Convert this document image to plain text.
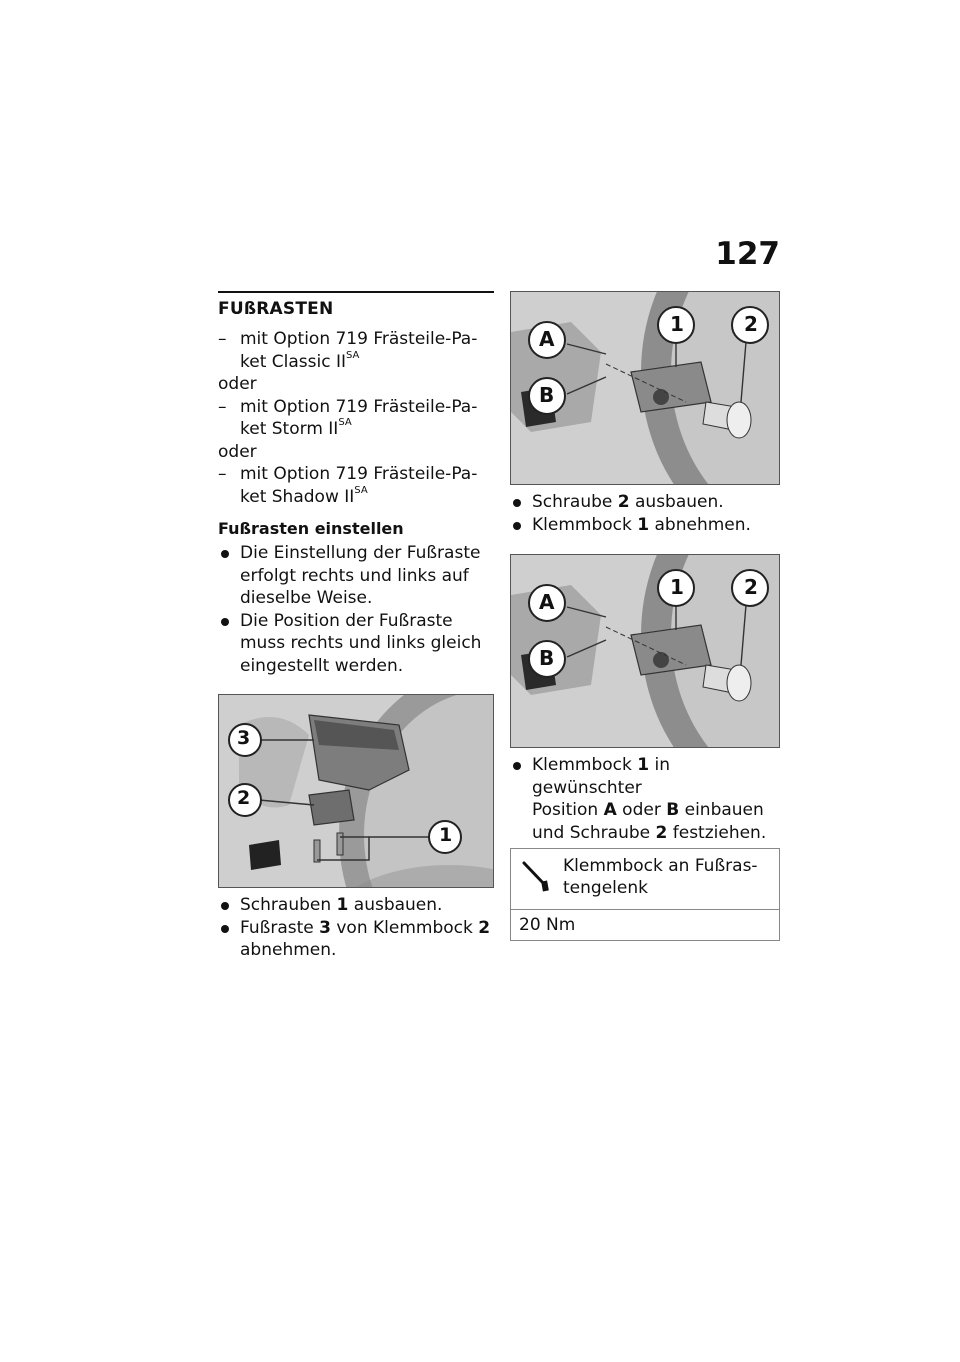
127
FUßRASTEN
– mit Option 719 Frästeile-Pa-
ket Classic $II^{SA}$
oder
– mit Option 719 Frästeile-Pa-
ket Storm $II^{SA}$
oder
– mit Option 719 Frästeile-Pa-
ket Shadow $II^{SA}$
Fußrasten einstellen
Die Einstellung der Fußraste
erfolgt rechts und links auf
dieselbe Weise.
Die Position der Fußraste
muss rechts und links gleich
eingestellt werden.
3
2
1
Schrauben 1 ausbauen.
Fußraste 3 von Klemmbock 2
abnehmen.
A
B
1	2
Schraube 2 ausbauen.
Klemmbock 1 abnehmen.
A
B
1	2
Klemmbock 1 in gewünschter
Position A oder B einbauen
und Schraube 2 festziehen.
Klemmbock an Fußras-
tengelenk
20 Nm
